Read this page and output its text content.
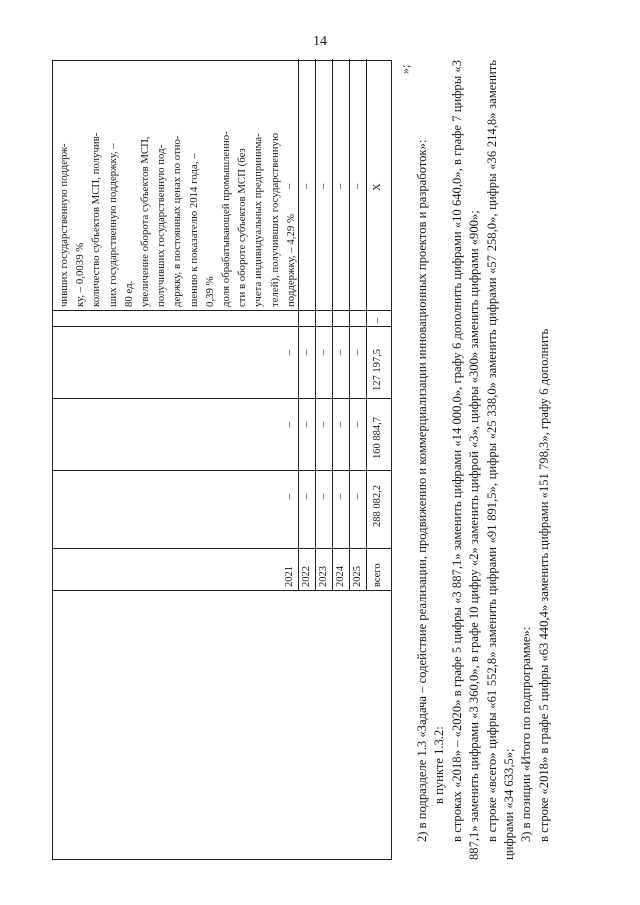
14

чивших государственную поддерж- ку, – 0,0039 % количество субъектов МСП, получив- ших государственную поддержку, – 80 ед. увеличение оборота субъектов МСП, получивших государственную под- держку, в постоянных ценах по отно- шению к показателю 2014 года, – 0,39 % доля обрабатывающей промышленно- сти в обороте субъектов МСП (без учета индивидуальных предпринима- телей), получивших государственную поддержку, – 4,29 %

2021
–
–
–
–
2022
–
–
–
–
2023
–
–
–
–
2024
–
–
–
–
2025
–
–
–
–
всего
288 082,2
160 884,7
127 197,5
–
Х
»;

2) в подразделе 1.3 «Задача – содействие реализации, продвижению и коммерциализации инновационных проектов и разработок»: в пункте 1.3.2: в строках «2018» – «2020» в графе 5 цифры «3 887,1» заменить цифрами «14 000,0», графу 6 дополнить цифрами «10 640,0», в графе 7 цифры «3 887,1» заменить цифрами «3 360,0», в графе 10 цифру «2» заменить цифрой «3», цифры «300» заменить цифрами «900»; в строке «всего» цифры «61 552,8» заменить цифрами «91 891,5», цифры «25 338,0» заменить цифрами «57 258,0», цифры «36 214,8» заменить цифрами «34 633,5»; 3) в позиции «Итого по подпрограмме»: в строке «2018» в графе 5 цифры «63 440,4» заменить цифрами «151 798,3», графу 6 дополнить
